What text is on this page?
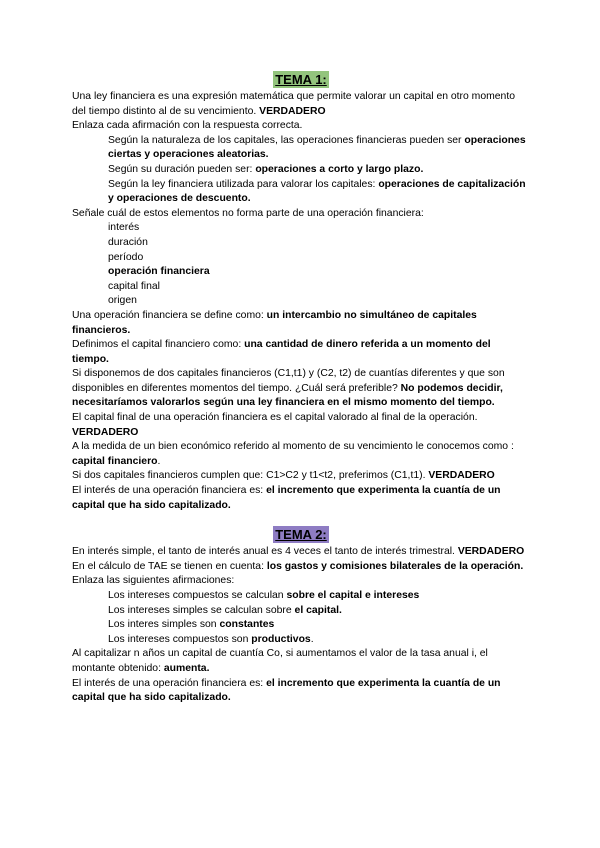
TEMA 1:

Una ley financiera es una expresión matemática que permite valorar un capital en otro momento del tiempo distinto al de su vencimiento. VERDADERO

Enlaza cada afirmación con la respuesta correcta.

Según la naturaleza de los capitales, las operaciones financieras pueden ser operaciones ciertas y operaciones aleatorias.

Según su duración pueden ser: operaciones a corto y largo plazo.

Según la ley financiera utilizada para valorar los capitales: operaciones de capitalización y operaciones de descuento.

Señale cuál de estos elementos no forma parte de una operación financiera:

interés

duración

período

operación financiera

capital final

origen

Una operación financiera se define como: un intercambio no simultáneo de capitales financieros.

Definimos el capital financiero como: una cantidad de dinero referida a un momento del tiempo.

Si disponemos de dos capitales financieros (C1,t1) y (C2, t2) de cuantías diferentes y que son disponibles en diferentes momentos del tiempo. ¿Cuál será preferible? No podemos decidir, necesitaríamos valorarlos según una ley financiera en el mismo momento del tiempo.

El capital final de una operación financiera es el capital valorado al final de la operación. VERDADERO

A la medida de un bien económico referido al momento de su vencimiento le conocemos como : capital financiero.

Si dos capitales financieros cumplen que: C1>C2 y t1<t2, preferimos (C1,t1). VERDADERO

El interés de una operación financiera es: el incremento que experimenta la cuantía de un capital que ha sido capitalizado.

TEMA 2:

En interés simple, el tanto de interés anual es 4 veces el tanto de interés trimestral. VERDADERO

En el cálculo de TAE se tienen en cuenta: los gastos y comisiones bilaterales de la operación.

Enlaza las siguientes afirmaciones:

Los intereses compuestos se calculan sobre el capital e intereses

Los intereses simples se calculan sobre el capital.

Los interes simples son constantes

Los intereses compuestos son productivos.

Al capitalizar n años un capital de cuantía Co, si aumentamos el valor de la tasa anual i, el montante obtenido: aumenta.

El interés de una operación financiera es: el incremento que experimenta la cuantía de un capital que ha sido capitalizado.
